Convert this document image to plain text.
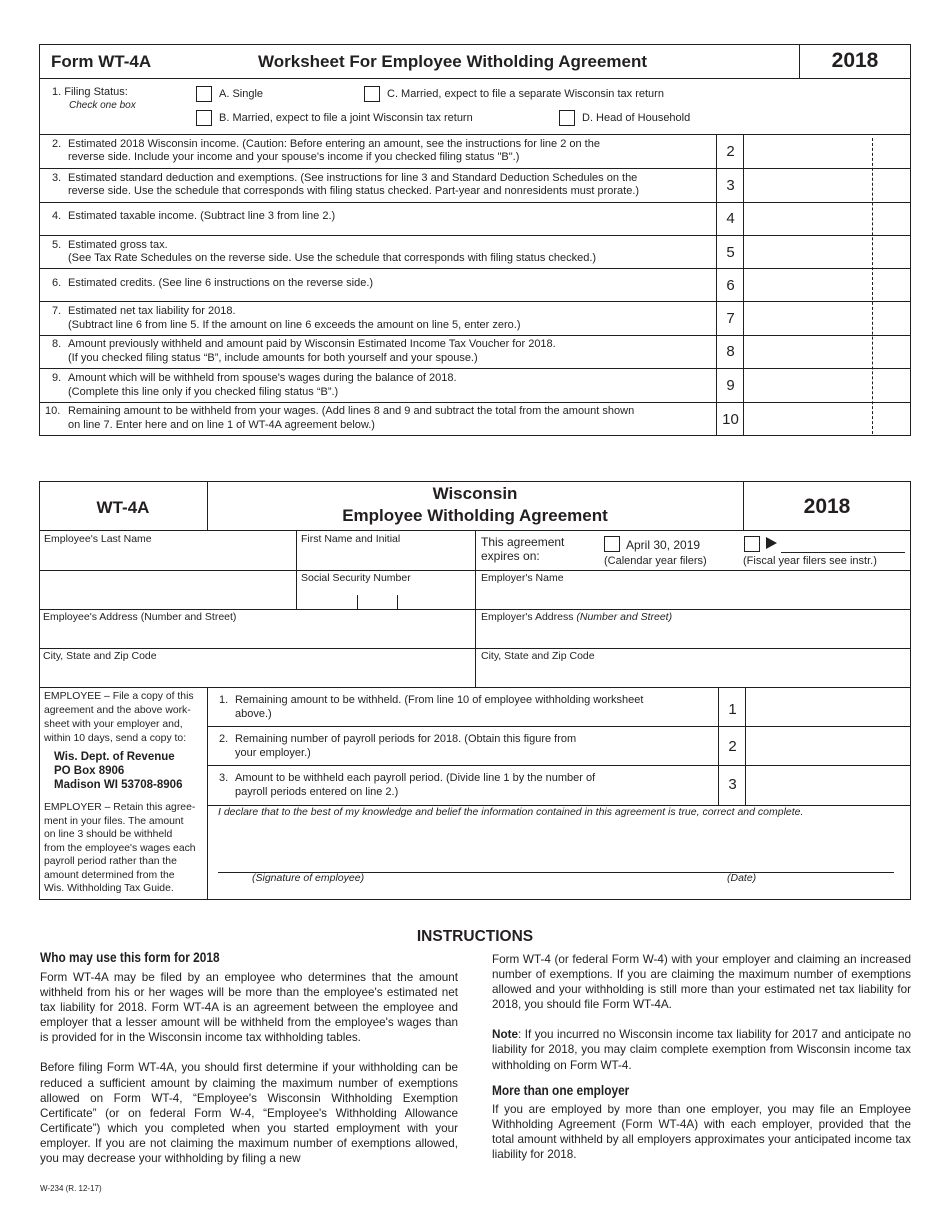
Form WT-4A	Worksheet For Employee Witholding Agreement	2018
1. Filing Status:
Check one box
A. Single	C. Married, expect to file a separate Wisconsin tax return
B. Married, expect to file a joint Wisconsin tax return	D. Head of Household
2. Estimated 2018 Wisconsin income. (Caution: Before entering an amount, see the instructions for line 2 on the
reverse side. Include your income and your spouse's income if you checked filing status "B".)	2
3. Estimated standard deduction and exemptions. (See instructions for line 3 and Standard Deduction Schedules on the
reverse side. Use the schedule that corresponds with filing status checked. Part-year and nonresidents must prorate.)	3
4. Estimated taxable income. (Subtract line 3 from line 2.)	4
5. Estimated gross tax.
(See Tax Rate Schedules on the reverse side. Use the schedule that corresponds with filing status checked.)	5
6. Estimated credits. (See line 6 instructions on the reverse side.)	6
7. Estimated net tax liability for 2018.
(Subtract line 6 from line 5. If the amount on line 6 exceeds the amount on line 5, enter zero.)	7
8. Amount previously withheld and amount paid by Wisconsin Estimated Income Tax Voucher for 2018.
(If you checked filing status “B”, include amounts for both yourself and your spouse.)	8
9. Amount which will be withheld from spouse's wages during the balance of 2018.
(Complete this line only if you checked filing status “B”.)	9
10. Remaining amount to be withheld from your wages. (Add lines 8 and 9 and subtract the total from the amount shown
on line 7. Enter here and on line 1 of WT-4A agreement below.)	10
WT-4A
Wisconsin
Employee Witholding Agreement	2018
Employee's Last Name	First Name and Initial	This agreement
expires on:
April 30, 2019
(Calendar year filers)	(Fiscal year filers see instr.)
Social Security Number	Employer's Name
Employee's Address (Number and Street)	Employer's Address (Number and Street)
City, State and Zip Code	City, State and Zip Code
EMPLOYEE – File a copy of this
agreement and the above work-
sheet with your employer and,
within 10 days, send a copy to:
Wis. Dept. of Revenue
PO Box 8906
Madison WI 53708-8906
EMPLOYER – Retain this agree-
ment in your files. The amount
on line 3 should be withheld
from the employee's wages each
payroll period rather than the
amount determined from the
Wis. Withholding Tax Guide.
1. Remaining amount to be withheld. (From line 10 of employee withholding worksheet
above.)	1
2. Remaining number of payroll periods for 2018. (Obtain this figure from
your employer.)	2
3. Amount to be withheld each payroll period. (Divide line 1 by the number of
payroll periods entered on line 2.)	3
I declare that to the best of my knowledge and belief the information contained in this agreement is true, correct and complete.
(Signature of employee)	(Date)
INSTRUCTIONS
Who may use this form for 2018

Form WT-4A may be filed by an employee who determines that the amount withheld from his or her wages will be more than the employee's estimated net tax liability for 2018. Form WT-4A is an agreement between the employee and employer that a lesser amount will be withheld from the employee's wages than is provided for in the Wisconsin income tax withholding tables.

Before filing Form WT-4A, you should first determine if your withholding can be reduced a sufficient amount by claiming the maximum number of exemptions allowed on Form WT-4, “Employee's Wisconsin Withholding Exemption Certificate” (or on federal Form W-4, “Employee's Withholding Allowance Certificate”) which you completed when you started employment with your employer. If you are not claiming the maximum number of exemptions allowed, you may decrease your withholding by filing a new

Form WT-4 (or federal Form W-4) with your employer and claiming an increased number of exemptions. If you are claiming the maximum number of exemptions allowed and your withholding is still more than your estimated net tax liability for 2018, you should file Form WT-4A.

Note: If you incurred no Wisconsin income tax liability for 2017 and anticipate no liability for 2018, you may claim complete exemption from Wisconsin income tax withholding on Form WT-4.

More than one employer
If you are employed by more than one employer, you may file an Employee Withholding Agreement (Form WT-4A) with each employer, provided that the total amount withheld by all employers approximates your anticipated income tax liability for 2018.
W-234 (R. 12-17)
